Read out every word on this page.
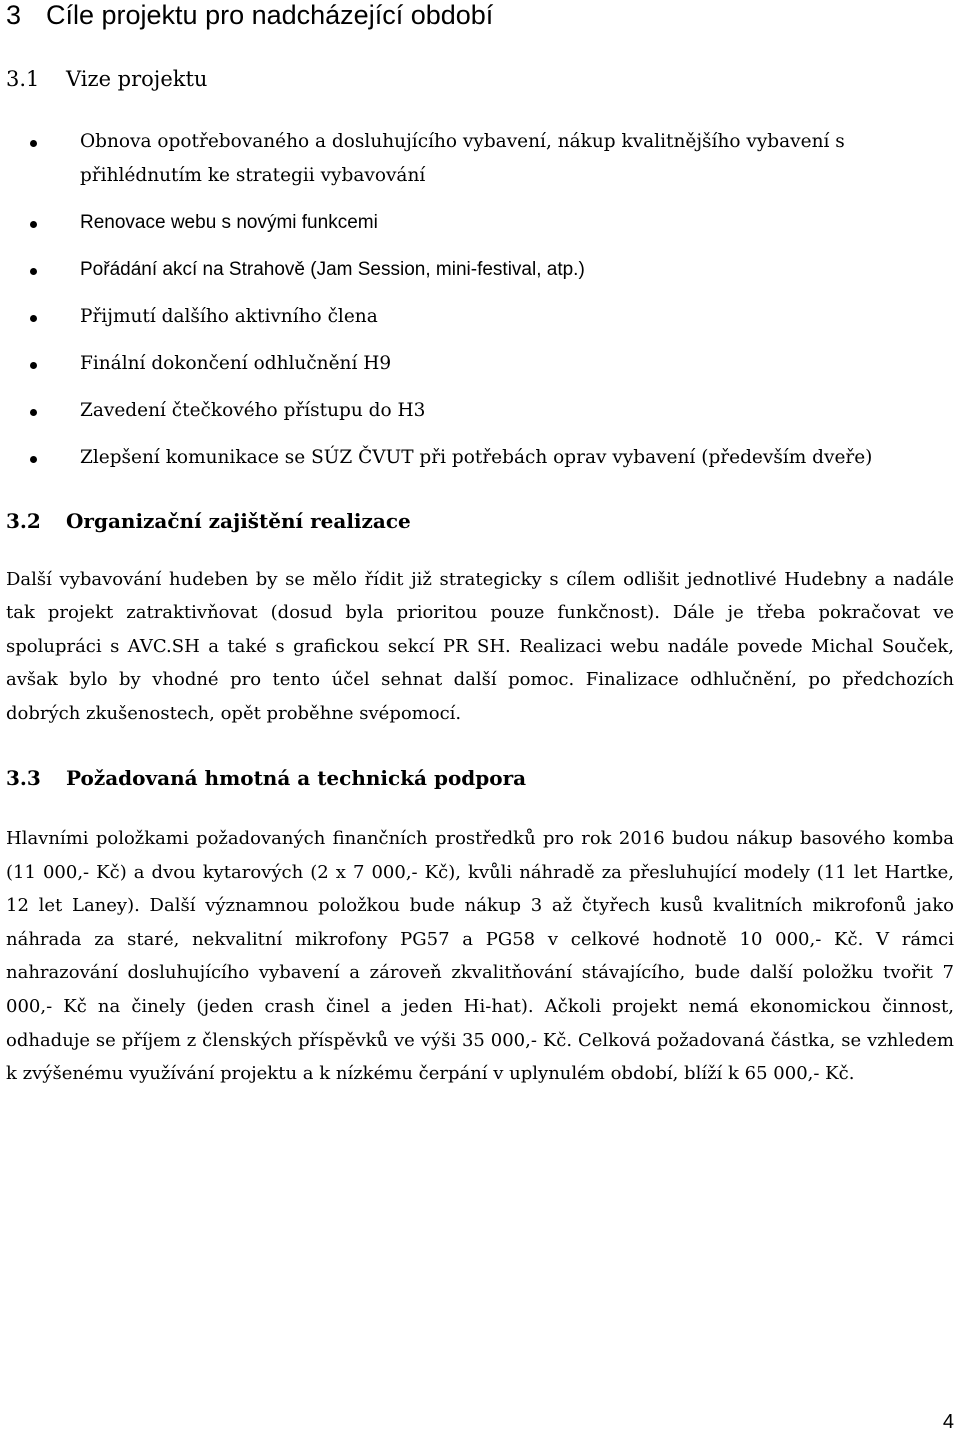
3 Cíle projektu pro nadcházející období
3.1 Vize projektu
Obnova opotřebovaného a dosluhujícího vybavení, nákup kvalitnějšího vybavení s přihlédnutím ke strategii vybavování
Renovace webu s novými funkcemi
Pořádání akcí na Strahově (Jam Session, mini-festival, atp.)
Přijmutí dalšího aktivního člena
Finální dokončení odhlučnění H9
Zavedení čtečkového přístupu do H3
Zlepšení komunikace se SÚZ ČVUT při potřebách oprav vybavení (především dveře)
3.2 Organizační zajištění realizace

Další vybavování hudeben by se mělo řídit již strategicky s cílem odlišit jednotlivé Hudebny a nadále tak projekt zatraktivňovat (dosud byla prioritou pouze funkčnost). Dále je třeba pokračovat ve spolupráci s AVC.SH a také s grafickou sekcí PR SH. Realizaci webu nadále povede Michal Souček, avšak bylo by vhodné pro tento účel sehnat další pomoc. Finalizace odhlučnění, po předchozích dobrých zkušenostech, opět proběhne svépomocí.

3.3 Požadovaná hmotná a technická podpora

Hlavními položkami požadovaných finančních prostředků pro rok 2016 budou nákup basového komba (11 000,- Kč) a dvou kytarových (2 x 7 000,- Kč), kvůli náhradě za přesluhující modely (11 let Hartke, 12 let Laney). Další významnou položkou bude nákup 3 až čtyřech kusů kvalitních mikrofonů jako náhrada za staré, nekvalitní mikrofony PG57 a PG58 v celkové hodnotě 10 000,- Kč. V rámci nahrazování dosluhujícího vybavení a zároveň zkvalitňování stávajícího, bude další položku tvořit 7 000,- Kč na činely (jeden crash činel a jeden Hi-hat). Ačkoli projekt nemá ekonomickou činnost, odhaduje se příjem z členských příspěvků ve výši 35 000,- Kč. Celková požadovaná částka, se vzhledem k zvýšenému využívání projektu a k nízkému čerpání v uplynulém období, blíží k 65 000,- Kč.

4
